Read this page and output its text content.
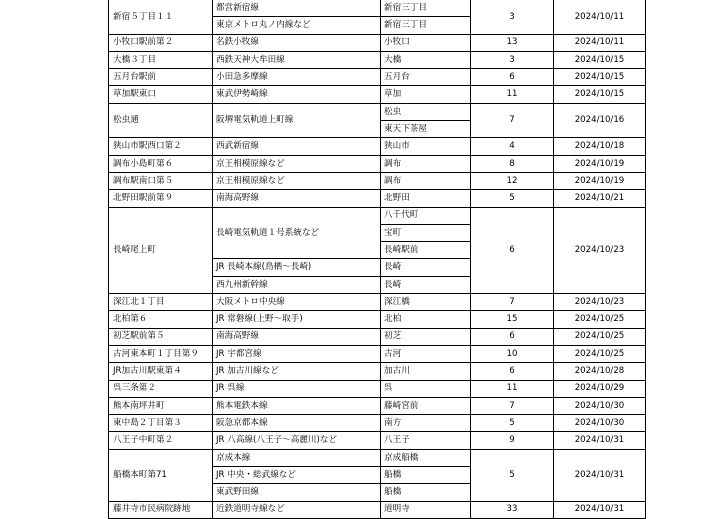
新宿５丁目１１	都営新宿線	新宿三丁目	3	2024/10/11
	東京メトロ丸ノ内線など	新宿三丁目		
小牧口駅前第２	名鉄小牧線	小牧口	13	2024/10/11
大橋３丁目	西鉄天神大牟田線	大橋	3	2024/10/15
五月台駅前	小田急多摩線	五月台	6	2024/10/15
草加駅東口	東武伊勢崎線	草加	11	2024/10/15
松虫通	阪堺電気軌道上町線	松虫	7	2024/10/16
		東天下茶屋		
狭山市駅西口第２	西武新宿線	狭山市	4	2024/10/18
調布小島町第６	京王相模原線など	調布	8	2024/10/19
調布駅南口第５	京王相模原線など	調布	12	2024/10/19
北野田駅前第９	南海高野線	北野田	5	2024/10/21
長崎尾上町	長崎電気軌道１号系統など	八千代町	6	2024/10/23
		宝町		
		長崎駅前		
	JR 長崎本線(鳥栖～長崎)	長崎		
	西九州新幹線	長崎		
深江北１丁目	大阪メトロ中央線	深江橋	7	2024/10/23
北柏第６	JR 常磐線(上野～取手)	北柏	15	2024/10/25
初芝駅前第５	南海高野線	初芝	6	2024/10/25
古河東本町１丁目第９	JR 宇都宮線	古河	10	2024/10/25
JR加古川駅東第４	JR 加古川線など	加古川	6	2024/10/28
呉三条第２	JR 呉線	呉	11	2024/10/29
熊本南坪井町	熊本電鉄本線	藤崎宮前	7	2024/10/30
東中島２丁目第３	阪急京都本線	南方	5	2024/10/30
八王子中町第２	JR 八高線(八王子～高麗川)など	八王子	9	2024/10/31
船橋本町第71	京成本線	京成船橋	5	2024/10/31
	JR 中央・総武線など	船橋		
	東武野田線	船橋		
藤井寺市民病院跡地	近鉄道明寺線など	道明寺	33	2024/10/31
